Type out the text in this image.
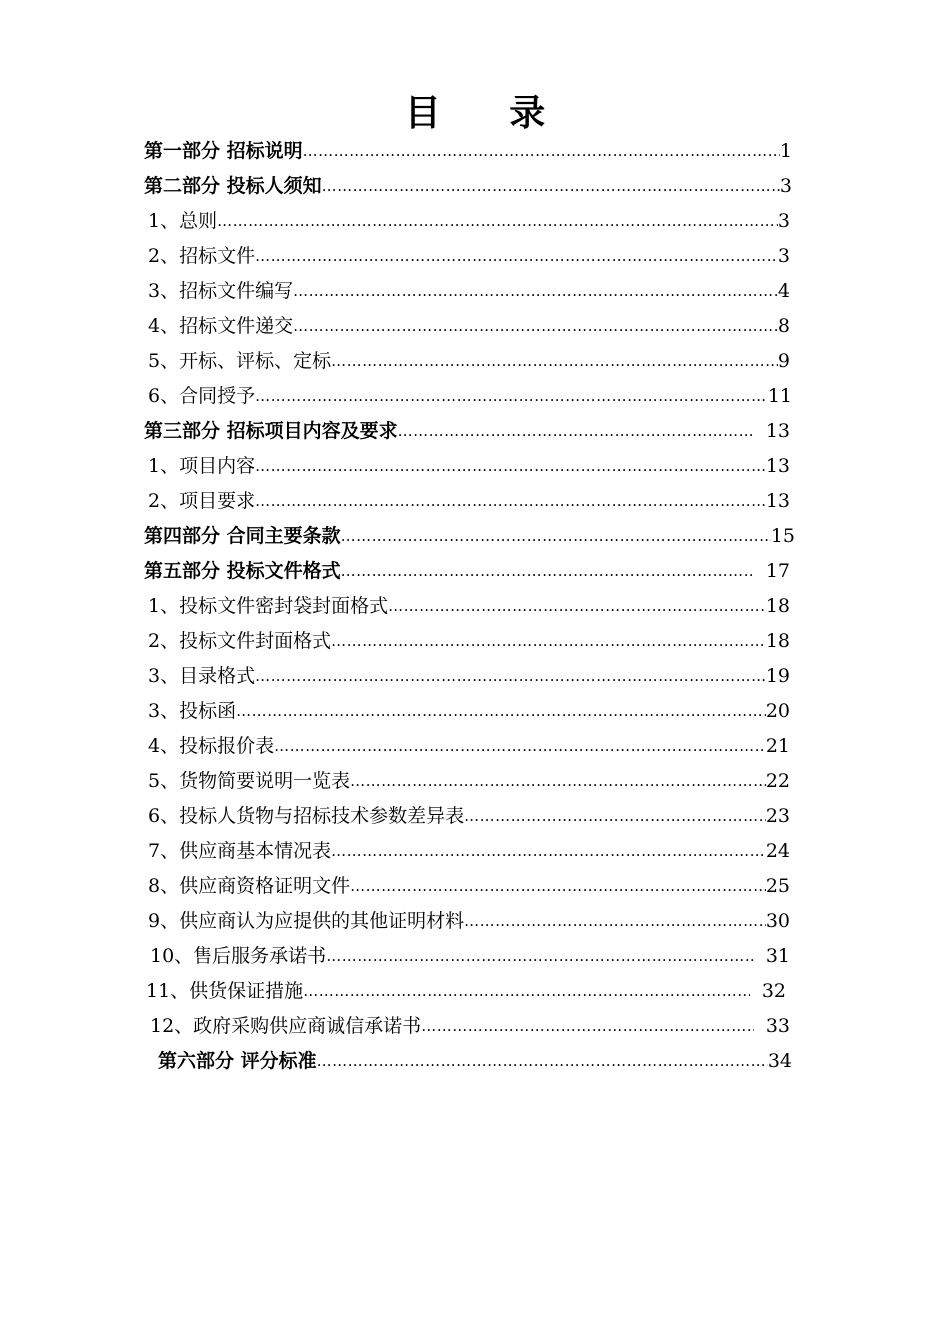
目 录
第一部分 招标说明 …………………………………………………………………………………………………………………………………………………………………………………………	1
第二部分 投标人须知 …………………………………………………………………………………………………………………………………………………………………………………………	3
1、总则 …………………………………………………………………………………………………………………………………………………………………………………………	3
2、招标文件 …………………………………………………………………………………………………………………………………………………………………………………………	3
3、招标文件编写 …………………………………………………………………………………………………………………………………………………………………………………………	4
4、招标文件递交 …………………………………………………………………………………………………………………………………………………………………………………………	8
5、开标、评标、定标 …………………………………………………………………………………………………………………………………………………………………………………………	9
6、合同授予 …………………………………………………………………………………………………………………………………………………………………………………………	11
第三部分 招标项目内容及要求 …………………………………………………………………………………………………………………………………………………………………………………………	13
1、项目内容 …………………………………………………………………………………………………………………………………………………………………………………………	13
2、项目要求 …………………………………………………………………………………………………………………………………………………………………………………………	13
第四部分 合同主要条款 …………………………………………………………………………………………………………………………………………………………………………………………	15
第五部分 投标文件格式 …………………………………………………………………………………………………………………………………………………………………………………………	17
1、投标文件密封袋封面格式 …………………………………………………………………………………………………………………………………………………………………………………………	18
2、投标文件封面格式 …………………………………………………………………………………………………………………………………………………………………………………………	18
3、目录格式 …………………………………………………………………………………………………………………………………………………………………………………………	19
3、投标函 …………………………………………………………………………………………………………………………………………………………………………………………	20
4、投标报价表 …………………………………………………………………………………………………………………………………………………………………………………………	21
5、货物简要说明一览表 …………………………………………………………………………………………………………………………………………………………………………………………	22
6、投标人货物与招标技术参数差异表 …………………………………………………………………………………………………………………………………………………………………………………………	23
7、供应商基本情况表 …………………………………………………………………………………………………………………………………………………………………………………………	24
8、供应商资格证明文件 …………………………………………………………………………………………………………………………………………………………………………………………	25
9、供应商认为应提供的其他证明材料 …………………………………………………………………………………………………………………………………………………………………………………………	30
10、售后服务承诺书 …………………………………………………………………………………………………………………………………………………………………………………………	31
11、供货保证措施 …………………………………………………………………………………………………………………………………………………………………………………………	32
12、政府采购供应商诚信承诺书 …………………………………………………………………………………………………………………………………………………………………………………………	33
第六部分 评分标准 …………………………………………………………………………………………………………………………………………………………………………………………	34
